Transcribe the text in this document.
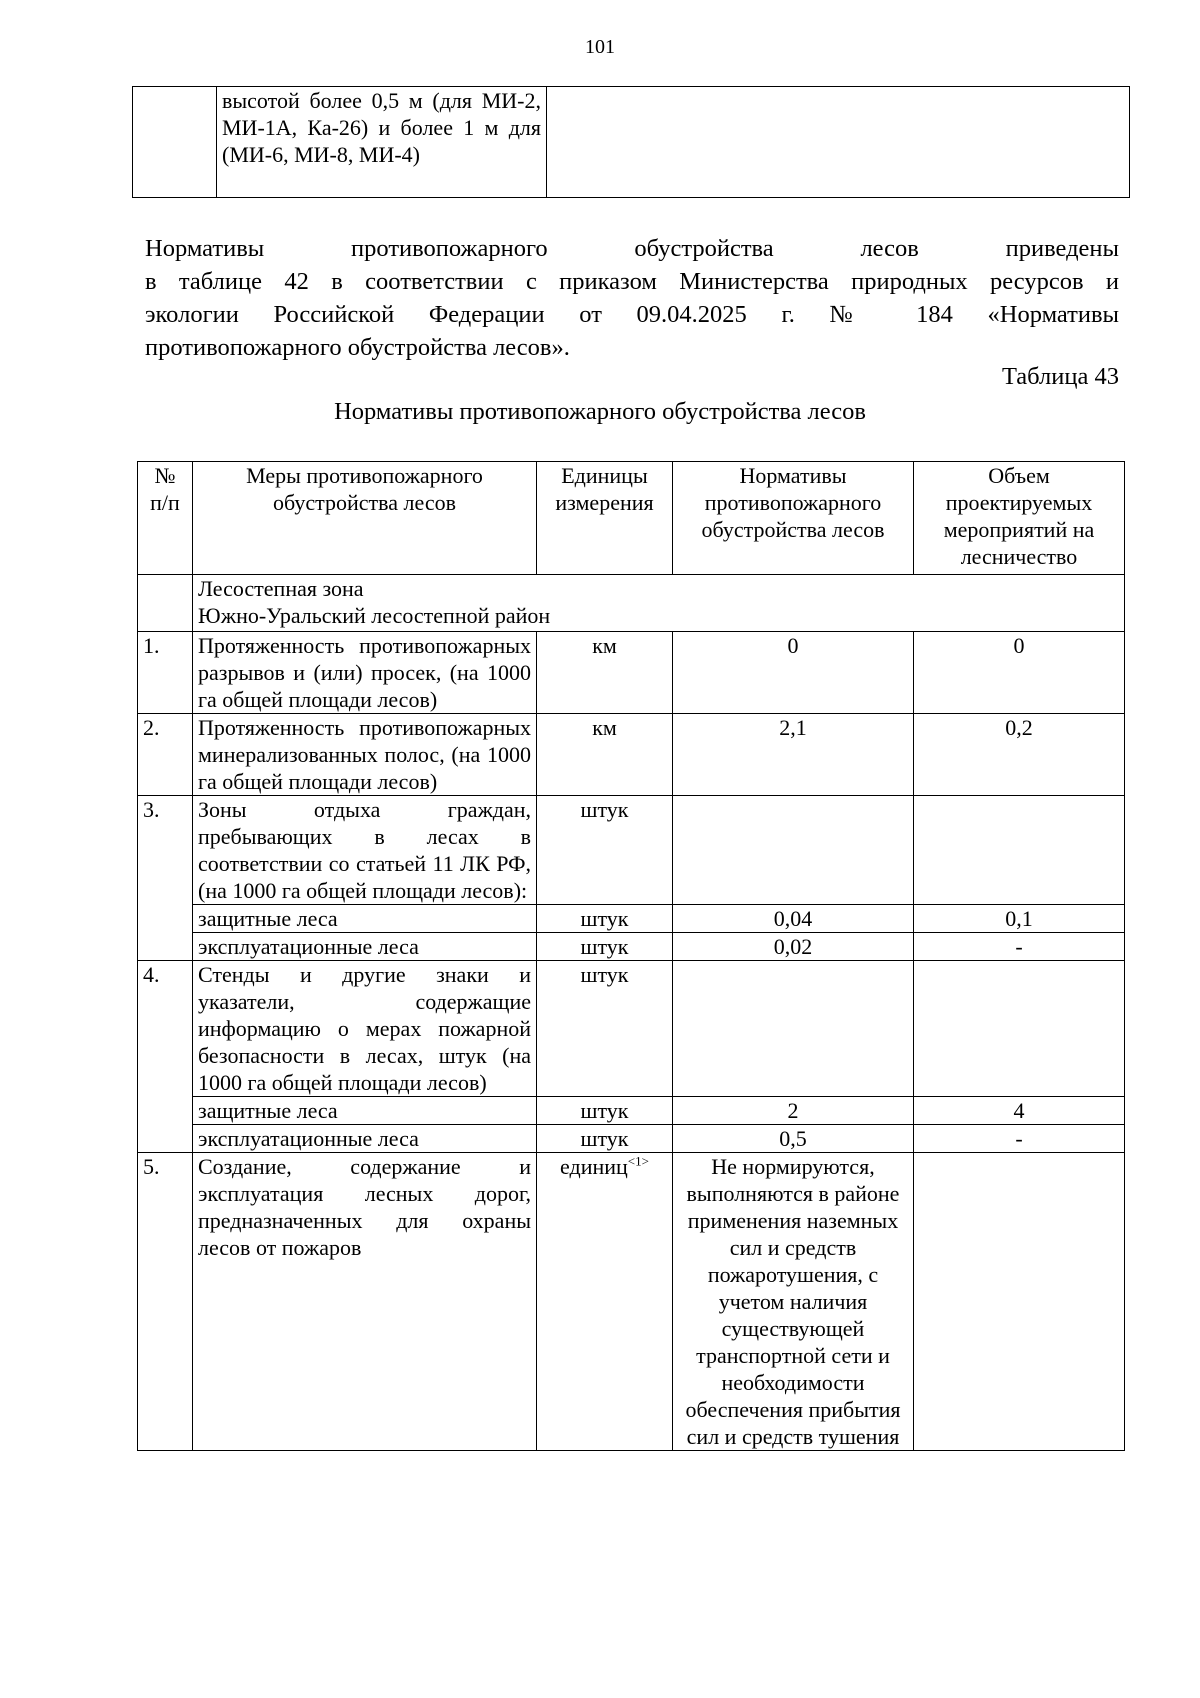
101
	высотой более 0,5 м (для МИ-2, МИ-1А, Ка-26) и более 1 м для (МИ-6, МИ-8, МИ-4)	

Нормативы противопожарного обустройства лесов приведены
в таблице 42 в соответствии с приказом Министерства природных ресурсов и
экологии Российской Федерации от 09.04.2025 г. № 184 «Нормативы
противопожарного обустройства лесов».

Таблица 43
Нормативы противопожарного обустройства лесов
№ п/п	Меры противопожарного обустройства лесов	Единицы измерения	Нормативы противопожарного обустройства лесов	Объем проектируемых мероприятий на лесничество

	Лесостепная зона
Южно-Уральский лесостепной район			

1.	Протяженность противопожарных разрывов и (или) просек, (на 1000 га общей площади лесов)	км	0	0
2.	Протяженность противопожарных минерализованных полос, (на 1000 га общей площади лесов)	км	2,1	0,2
3.	Зоны отдыха граждан, пребывающих в лесах в соответствии со статьей 11 ЛК РФ, (на 1000 га общей площади лесов):	штук		
	защитные леса	штук	0,04	0,1
	эксплуатационные леса	штук	0,02	-
4.	Стенды и другие знаки и указатели, содержащие информацию о мерах пожарной безопасности в лесах, штук (на 1000 га общей площади лесов)	штук		
	защитные леса	штук	2	4
	эксплуатационные леса	штук	0,5	-
5.	Создание, содержание и эксплуатация лесных дорог, предназначенных для охраны лесов от пожаров	единиц$^{<1>}$	Не нормируются, выполняются в районе применения наземных сил и средств пожаротушения, с учетом наличия существующей транспортной сети и необходимости обеспечения прибытия сил и средств тушения	
